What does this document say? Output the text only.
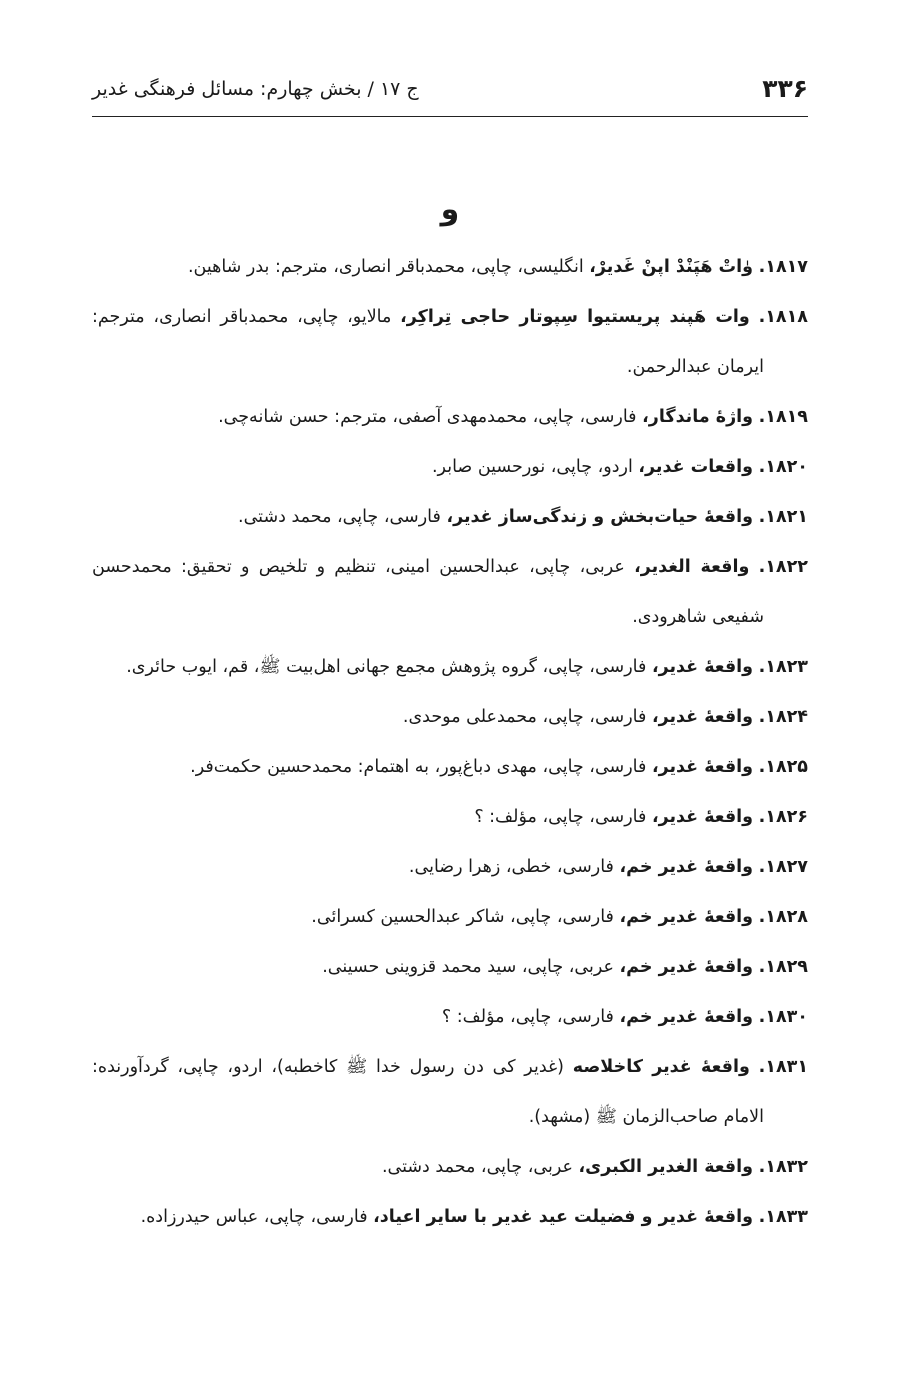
۳۳۶
ج ۱۷ / بخش چهارم: مسائل فرهنگی غدیر
و
۱۸۱۷. وٰاتْ هَپَنْدْ اپنْ غَدیرْ، انگلیسی، چاپی، محمدباقر انصاری، مترجم: بدر شاهین.
۱۸۱۸. وات هَپند پریستیوا سِپوتار حاجی تِراکِر، مالایو، چاپی، محمدباقر انصاری، مترجم: ایرمان عبدالرحمن.
۱۸۱۹. واژهٔ ماندگار، فارسی، چاپی، محمدمهدی آصفی، مترجم: حسن شانه‌چی.
۱۸۲۰. واقعات غدیر، اردو، چاپی، نورحسین صابر.
۱۸۲۱. واقعهٔ حیات‌بخش و زندگی‌ساز غدیر، فارسی، چاپی، محمد دشتی.
۱۸۲۲. واقعة الغدیر، عربی، چاپی، عبدالحسین امینی، تنظیم و تلخیص و تحقیق: محمدحسن شفیعی شاهرودی.
۱۸۲۳. واقعهٔ غدیر، فارسی، چاپی، گروه پژوهش مجمع جهانی اهل‌بیت ﷺ، قم، ایوب حائری.
۱۸۲۴. واقعهٔ غدیر، فارسی، چاپی، محمدعلی موحدی.
۱۸۲۵. واقعهٔ غدیر، فارسی، چاپی، مهدی دباغ‌پور، به اهتمام: محمدحسین حکمت‌فر.
۱۸۲۶. واقعهٔ غدیر، فارسی، چاپی، مؤلف: ؟
۱۸۲۷. واقعهٔ غدیر خم، فارسی، خطی، زهرا رضایی.
۱۸۲۸. واقعهٔ غدیر خم، فارسی، چاپی، شاکر عبدالحسین کسرائی.
۱۸۲۹. واقعهٔ غدیر خم، عربی، چاپی، سید محمد قزوینی حسینی.
۱۸۳۰. واقعهٔ غدیر خم، فارسی، چاپی، مؤلف: ؟
۱۸۳۱. واقعهٔ غدیر کاخلاصه (غدیر کی دن رسول خدا ﷺ کاخطبه)، اردو، چاپی، گردآورنده: الامام صاحب‌الزمان ﷺ (مشهد).
۱۸۳۲. واقعة الغدیر الکبری، عربی، چاپی، محمد دشتی.
۱۸۳۳. واقعهٔ غدیر و فضیلت عید غدیر با سایر اعیاد، فارسی، چاپی، عباس حیدرزاده.
